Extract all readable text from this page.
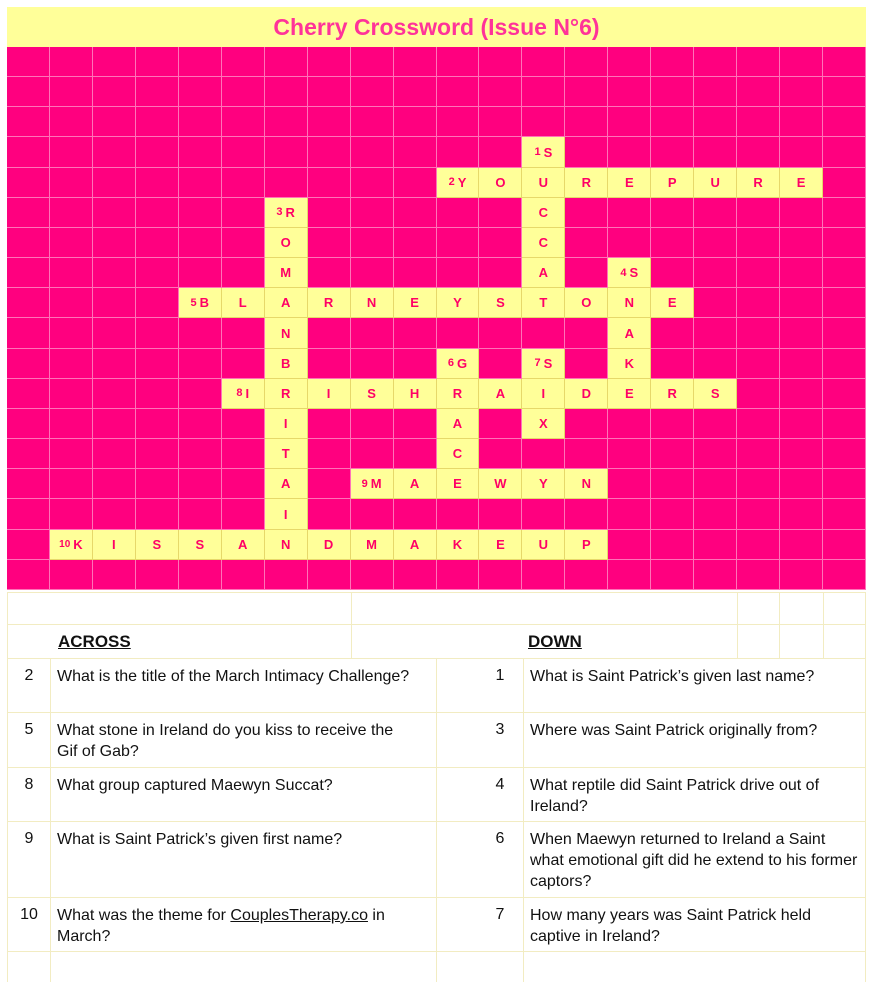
Cherry Crossword (Issue N°6)
1 S
2 Y O	U	R	E	P	U	R	E
3 R	C
O	C
M	A	4 S
5 B L	A	R	N	E	Y	S	T	O	N	E
N	A
B	6 G	7 S	K
8 I R	I	S	H	R	A	I	D	E	R	S
I	A	X
T	C
A	9 M A	E W Y	N
I
10 K I	S	S	A	N	D	M	A	K	E	U	P
ACROSS	DOWN
2	What is the title of the March Intimacy Challenge?
5	What stone in Ireland do you kiss to receive the Gif of Gab?
8	What group captured Maewyn Succat?
9	What is Saint Patrick’s given first name?
10	What was the theme for CouplesTherapy.co in March?
1	What is Saint Patrick’s given last name?
3	Where was Saint Patrick originally from?
4	What reptile did Saint Patrick drive out of Ireland?
6	When Maewyn returned to Ireland a Saint what emotional gift did he extend to his former captors?
7	How many years was Saint Patrick held captive in Ireland?
